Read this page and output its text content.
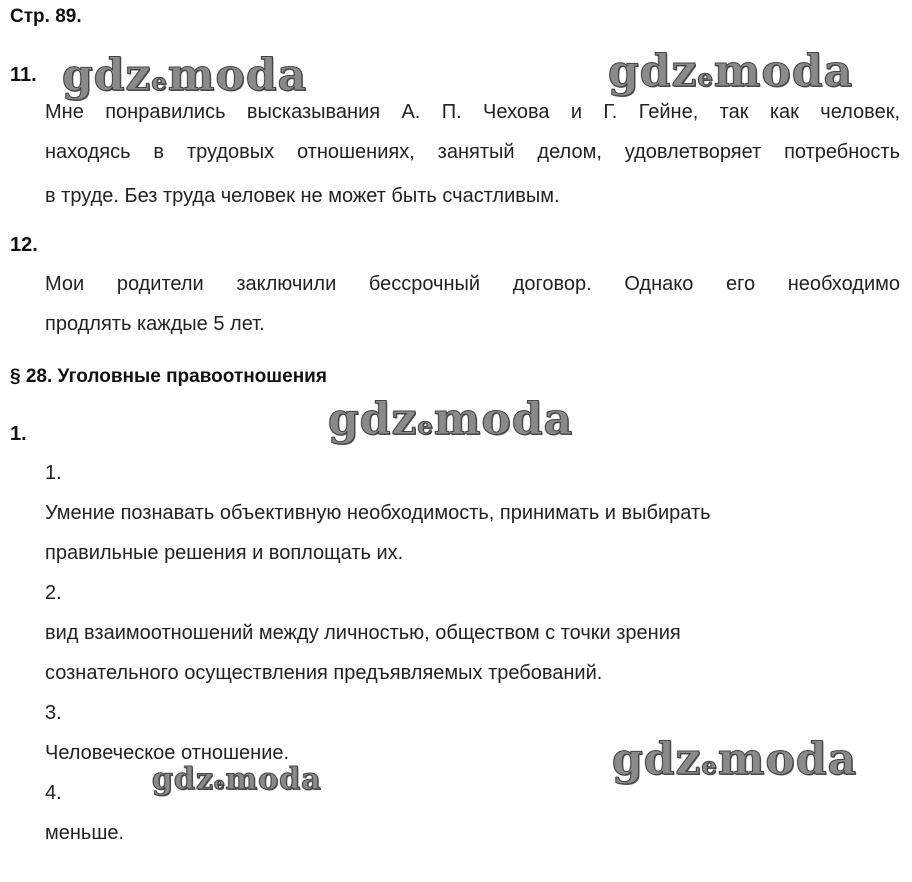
Стр. 89.
11.
Мне понравились высказывания А. П. Чехова и Г. Гейне, так как человек,
находясь в трудовых отношениях, занятый делом, удовлетворяет потребность
в труде. Без труда человек не может быть счастливым.
12.
Мои родители заключили бессрочный договор. Однако его необходимо
продлять каждые 5 лет.
§ 28. Уголовные правоотношения
1.
1.
Умение познавать объективную необходимость, принимать и выбирать
правильные решения и воплощать их.
2.
вид взаимоотношений между личностью, обществом с точки зрения
сознательного осуществления предъявляемых требований.
3.
Человеческое отношение.
4.
меньше.
gdzemoda	gdzemoda
gdzemoda
gdzemoda
gdzemoda
